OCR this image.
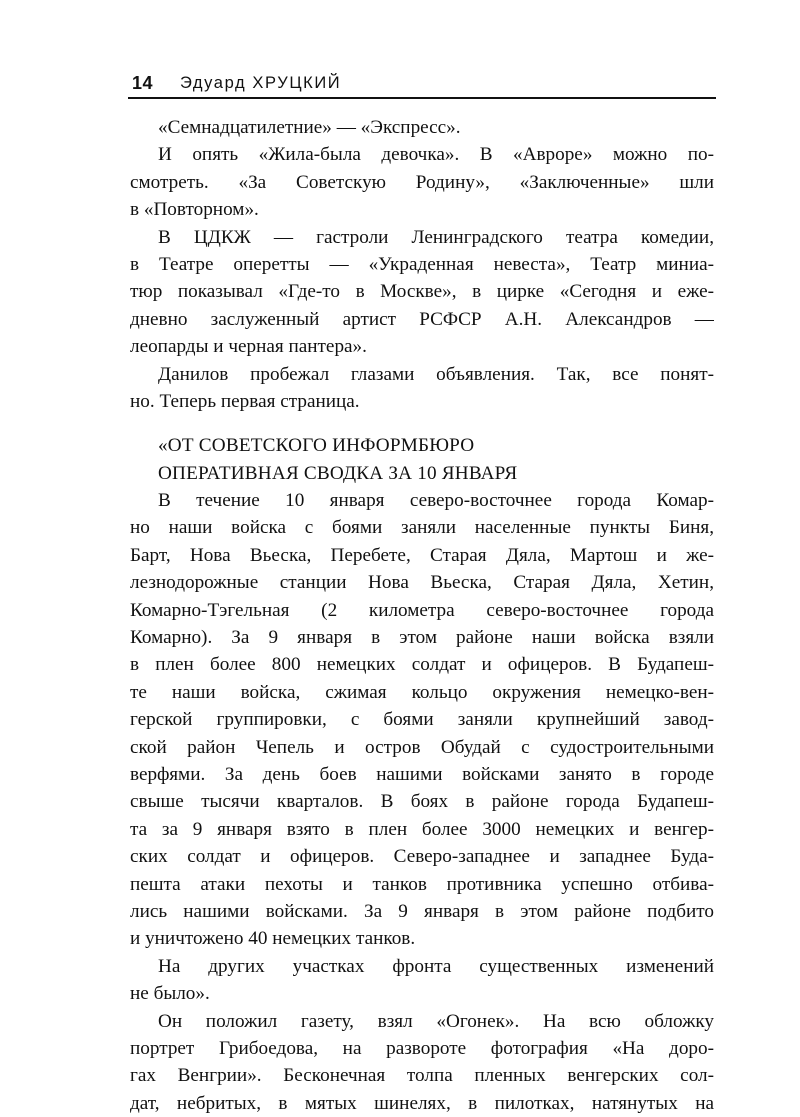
14 Эдуард ХРУЦКИЙ
«Семнадцатилетние» — «Экспресс».
И опять «Жила-была девочка». В «Авроре» можно по-
смотреть. «За Советскую Родину», «Заключенные» шли
в «Повторном».
В ЦДКЖ — гастроли Ленинградского театра комедии,
в Театре оперетты — «Украденная невеста», Театр миниа-
тюр показывал «Где-то в Москве», в цирке «Сегодня и еже-
дневно заслуженный артист РСФСР А.Н. Александров —
леопарды и черная пантера».
Данилов пробежал глазами объявления. Так, все понят-
но. Теперь первая страница.
«ОТ СОВЕТСКОГО ИНФОРМБЮРО
ОПЕРАТИВНАЯ СВОДКА ЗА 10 ЯНВАРЯ
В течение 10 января северо-восточнее города Комар-
но наши войска с боями заняли населенные пункты Биня,
Барт, Нова Вьеска, Перебете, Старая Дяла, Мартош и же-
лезнодорожные станции Нова Вьеска, Старая Дяла, Хетин,
Комарно-Тэгельная (2 километра северо-восточнее города
Комарно). За 9 января в этом районе наши войска взяли
в плен более 800 немецких солдат и офицеров. В Будапеш-
те наши войска, сжимая кольцо окружения немецко-вен-
герской группировки, с боями заняли крупнейший завод-
ской район Чепель и остров Обудай с судостроительными
верфями. За день боев нашими войсками занято в городе
свыше тысячи кварталов. В боях в районе города Будапеш-
та за 9 января взято в плен более 3000 немецких и венгер-
ских солдат и офицеров. Северо-западнее и западнее Буда-
пешта атаки пехоты и танков противника успешно отбива-
лись нашими войсками. За 9 января в этом районе подбито
и уничтожено 40 немецких танков.
На других участках фронта существенных изменений
не было».
Он положил газету, взял «Огонек». На всю обложку
портрет Грибоедова, на развороте фотография «На доро-
гах Венгрии». Бесконечная толпа пленных венгерских сол-
дат, небритых, в мятых шинелях, в пилотках, натянутых на
